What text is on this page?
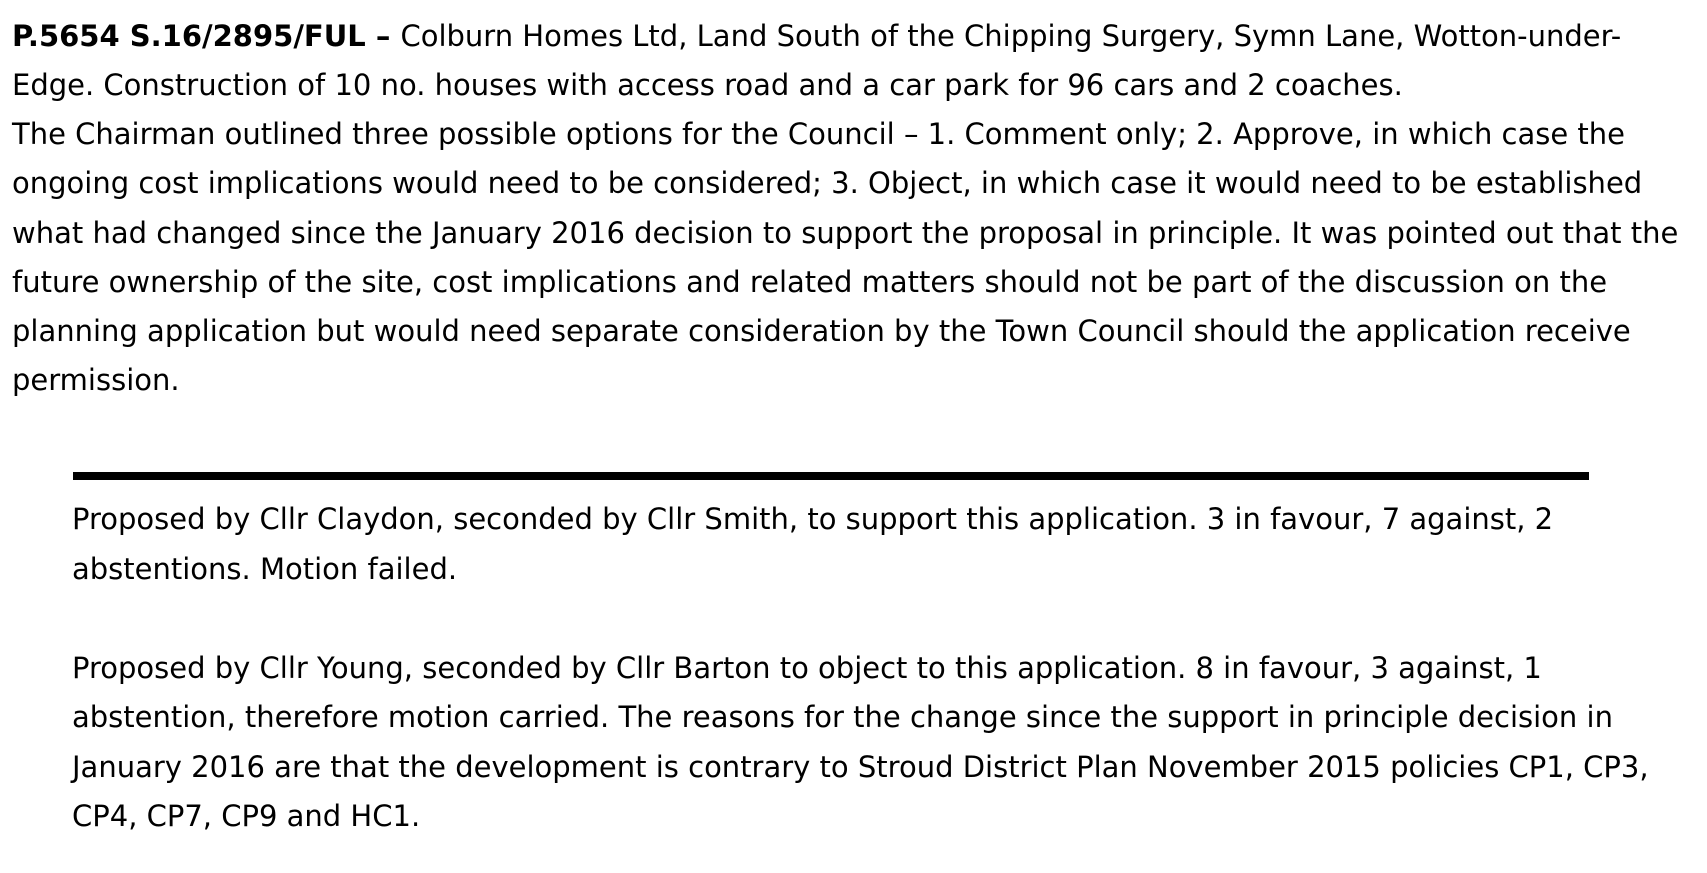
P.5654 S.16/2895/FUL – Colburn Homes Ltd, Land South of the Chipping Surgery, Symn Lane, Wotton-under-Edge. Construction of 10 no. houses with access road and a car park for 96 cars and 2 coaches.

The Chairman outlined three possible options for the Council – 1. Comment only; 2. Approve, in which case the ongoing cost implications would need to be considered; 3. Object, in which case it would need to be established what had changed since the January 2016 decision to support the proposal in principle. It was pointed out that the future ownership of the site, cost implications and related matters should not be part of the discussion on the planning application but would need separate consideration by the Town Council should the application receive permission.

Proposed by Cllr Claydon, seconded by Cllr Smith, to support this application. 3 in favour, 7 against, 2 abstentions. Motion failed.

Proposed by Cllr Young, seconded by Cllr Barton to object to this application. 8 in favour, 3 against, 1 abstention, therefore motion carried. The reasons for the change since the support in principle decision in January 2016 are that the development is contrary to Stroud District Plan November 2015 policies CP1, CP3, CP4, CP7, CP9 and HC1.
